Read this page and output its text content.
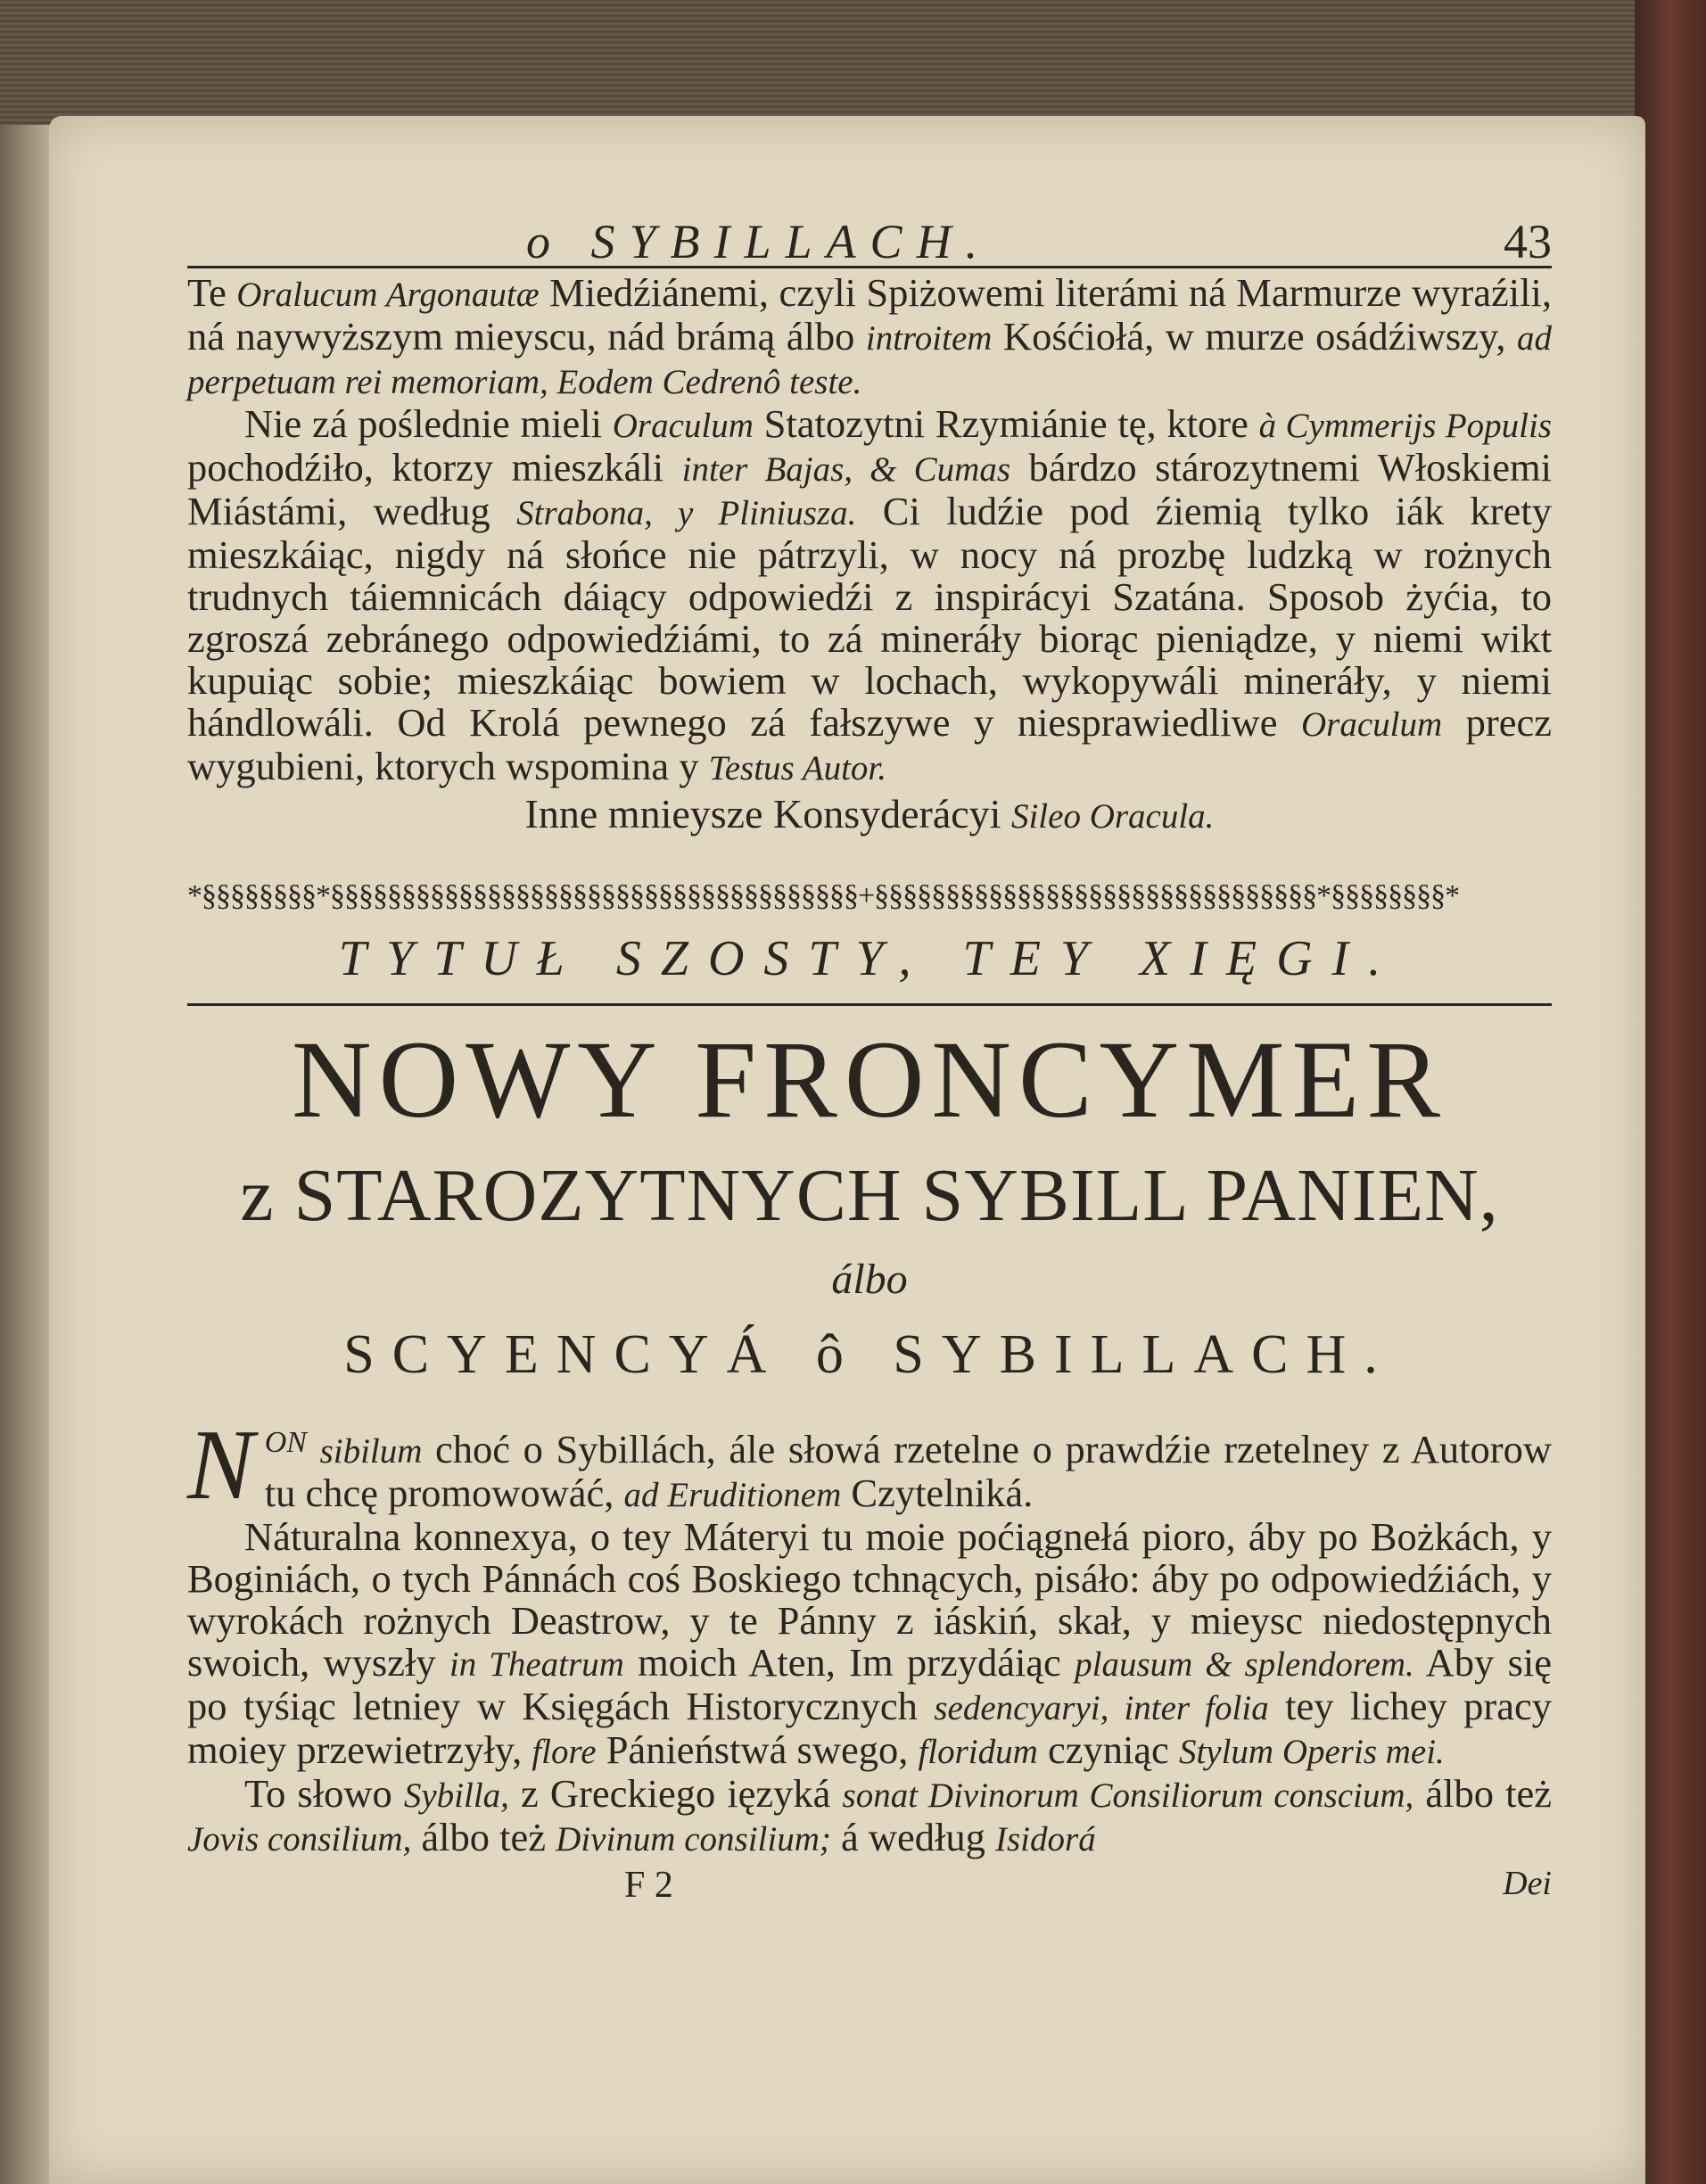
o SYBILLACH.	43

Te Oralucum Argonautæ Miedźiánemi, czyli Spiżowemi literámi ná Marmurze wyraźili, ná naywyższym mieyscu, nád brámą álbo introitem Kośćiołá, w murze osádźiwszy, ad perpetuam rei memoriam, Eodem Cedrenô teste.

Nie zá poślednie mieli Oraculum Statozytni Rzymiánie tę, ktore à Cymmerijs Populis pochodźiło, ktorzy mieszkáli inter Bajas, & Cumas bárdzo stározytnemi Włoskiemi Miástámi, według Strabona, y Pliniusza. Ci ludźie pod źiemią tylko iák krety mieszkáiąc, nigdy ná słońce nie pátrzyli, w nocy ná prozbę ludzką w rożnych trudnych táiemnicách dáiący odpowiedźi z inspirácyi Szatána. Sposob żyćia, to zgroszá zebránego odpowiedźiámi, to zá mineráły biorąc pieniądze, y niemi wikt kupuiąc sobie; mieszkáiąc bowiem w lochach, wykopywáli mineráły, y niemi hándlowáli. Od Krolá pewnego zá fałszywe y niesprawiedliwe Oraculum precz wygubieni, ktorych wspomina y Testus Autor.

Inne mnieysze Konsyderácyi Sileo Oracula.

*§§§§§§§§*§§§§§§§§§§§§§§§§§§§§§§§§§§§§§§§§§§§§§+§§§§§§§§§§§§§§§§§§§§§§§§§§§§§§§*§§§§§§§§*
TYTUŁ SZOSTY, TEY XIĘGI.

NOWY FRONCYMER

z STAROZYTNYCH SYBILL PANIEN,

álbo

SCYENCYÁ ô SYBILLACH.

N $^{ON}$ sibilum choć o Sybillách, ále słowá rzetelne o prawdźie rzetelney z Autorow tu chcę promowowáć, ad Eruditionem Czytelniká.

Náturalna konnexya, o tey Máteryi tu moie poćiągnełá pioro, áby po Bożkách, y Boginiách, o tych Pánnách coś Boskiego tchnących, pisáło: áby po odpowiedźiách, y wyrokách rożnych Deastrow, y te Pánny z iáskiń, skał, y mieysc niedostępnych swoich, wyszły in Theatrum moich Aten, Im przydáiąc plausum & splendorem. Aby się po tyśiąc letniey w Księgách Historycznych sedencyaryi, inter folia tey lichey pracy moiey przewietrzyły, flore Pánieństwá swego, floridum czyniąc Stylum Operis mei.

To słowo Sybilla, z Greckiego ięzyká sonat Divinorum Consiliorum conscium, álbo też Jovis consilium, álbo też Divinum consilium; á według Isidorá

F 2	Dei
